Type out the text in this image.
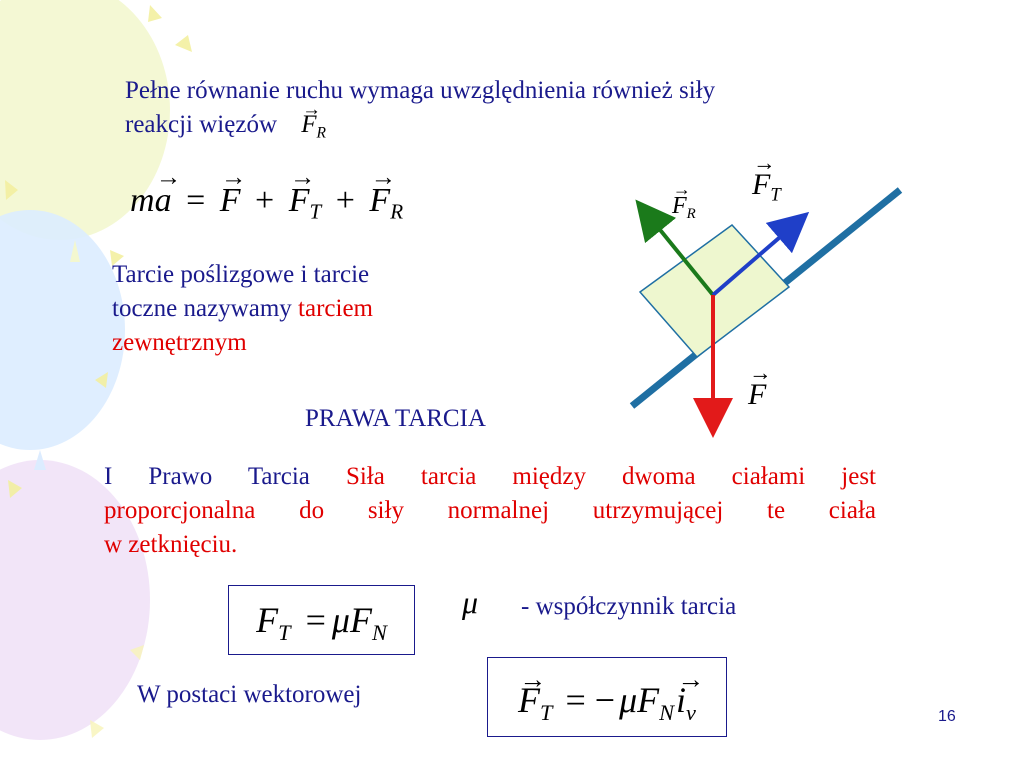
Pełne równanie ruchu wymaga uwzględnienia również siły
reakcji więzów → $F_R$
m→ a = → F + → $F_T$ + → $F_R$
Tarcie poślizgowe i tarcie
toczne nazywamy tarciem
zewnętrznym
→ $F_R$
→ $F_T$
→ F
PRAWA TARCIA
I Prawo Tarcia Siła tarcia między dwoma ciałami jest
proporcjonalna do siły normalnej utrzymującej te ciała
w zetknięciu.
$F_T = \mu F_N$
μ - współczynnik tarcia
W postaci wektorowej	→ $F_T$ = − $\mu F_N\to i_v$	16
